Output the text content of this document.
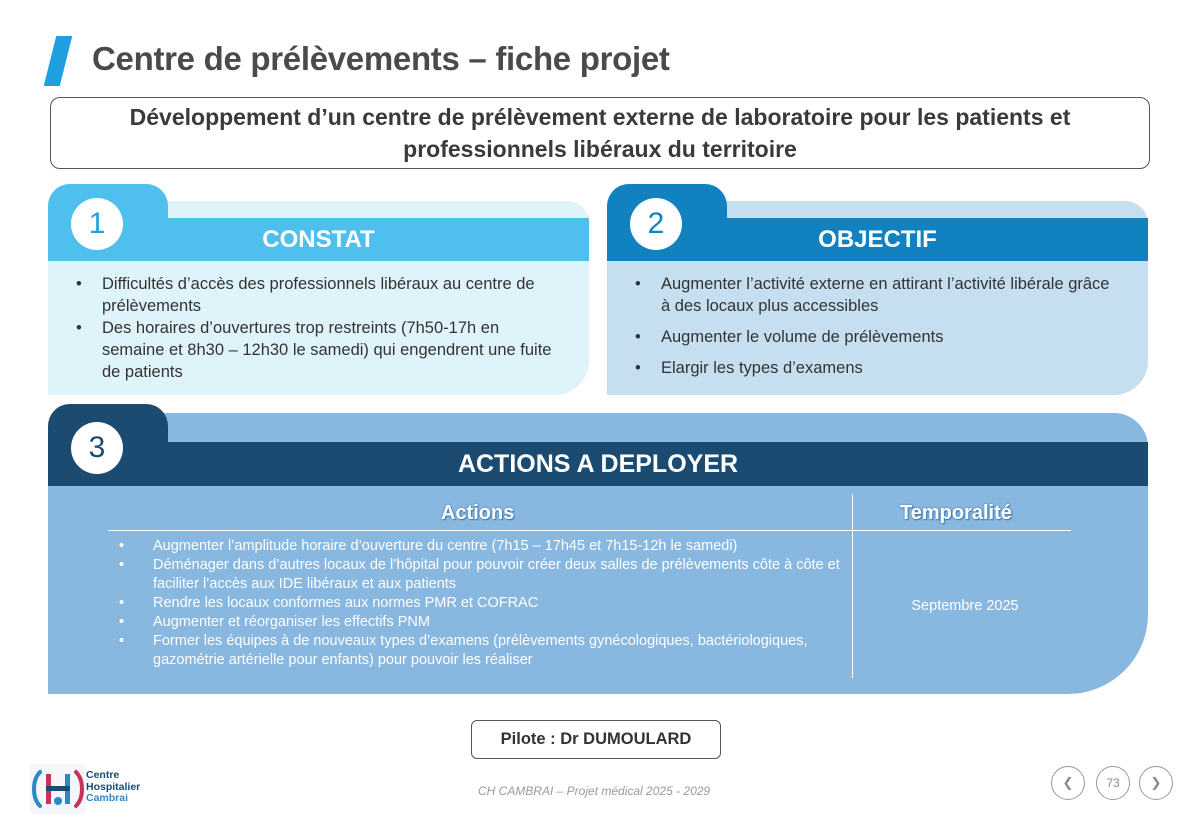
Centre de prélèvements – fiche projet
Développement d’un centre de prélèvement externe de laboratoire pour les patients et professionnels libéraux du territoire
CONSTAT
1
• Difficultés d’accès des professionnels libéraux au centre de prélèvements
• Des horaires d’ouvertures trop restreints (7h50-17h en semaine et 8h30 – 12h30 le samedi) qui engendrent une fuite de patients
OBJECTIF
2
• Augmenter l’activité externe en attirant l’activité libérale grâce à des locaux plus accessibles
• Augmenter le volume de prélèvements
• Elargir les types d’examens
ACTIONS A DEPLOYER
3
Actions	Temporalité
• Augmenter l’amplitude horaire d’ouverture du centre (7h15 – 17h45 et 7h15-12h le samedi)
• Déménager dans d’autres locaux de l’hôpital pour pouvoir créer deux salles de prélèvements côte à côte et faciliter l’accès aux IDE libéraux et aux patients
• Rendre les locaux conformes aux normes PMR et COFRAC
• Augmenter et réorganiser les effectifs PNM
• Former les équipes à de nouveaux types d’examens (prélèvements gynécologiques, bactériologiques, gazométrie artérielle pour enfants) pour pouvoir les réaliser
Septembre 2025
Pilote : Dr DUMOULARD
Centre
Hospitalier
Cambrai	CH CAMBRAI – Projet médical 2025 - 2029
❮	73	❯
